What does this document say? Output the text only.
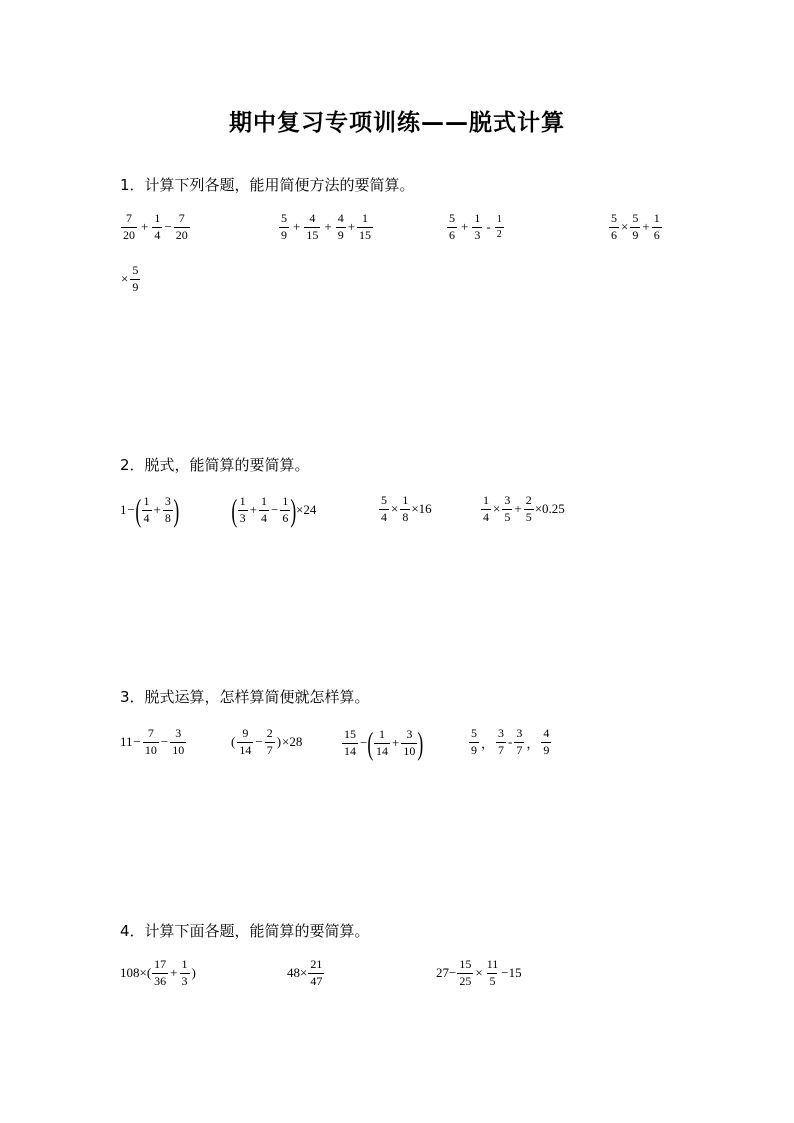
期中复习专项训练——脱式计算
1．计算下列各题，能用简便方法的要简算。
$\frac{7}{20} + \frac{1}{4} - \frac{7}{20}$	$\frac{5}{9} + \frac{4}{15} + \frac{4}{9} + \frac{1}{15}$	$\frac{5}{6} + \frac{1}{3} - \frac{1}{2}$	$\frac{5}{6} \times \frac{5}{9} + \frac{1}{6}$
× $\frac{5}{9}$
2．脱式，能简算的要简算。
1 − ( $\frac{1}{4} + \frac{3}{8}$ ) ( $\frac{1}{3} + \frac{1}{4} - \frac{1}{6}$ ) ×24	$\frac{5}{4} \times \frac{1}{8} \times 16$	$\frac{1}{4} \times \frac{3}{5} + \frac{2}{5} \times 0.25$
3．脱式运算，怎样算简便就怎样算。
$11 - \frac{7}{10} - \frac{3}{10}$	( $\frac{9}{14} - \frac{2}{7}$ ) ×28	$\frac{15}{14}$ − ( $\frac{1}{14} + \frac{3}{10}$ )	$\frac{5}{9}$ ， $\frac{3}{7} - \frac{3}{7}$ ， $\frac{4}{9}$
4．计算下面各题，能简算的要简算。
$108\times( \frac{17}{36} + \frac{1}{3}$ )	$48\times \frac{21}{47}$	$27- \frac{15}{25} \times \frac{11}{5} -15$
